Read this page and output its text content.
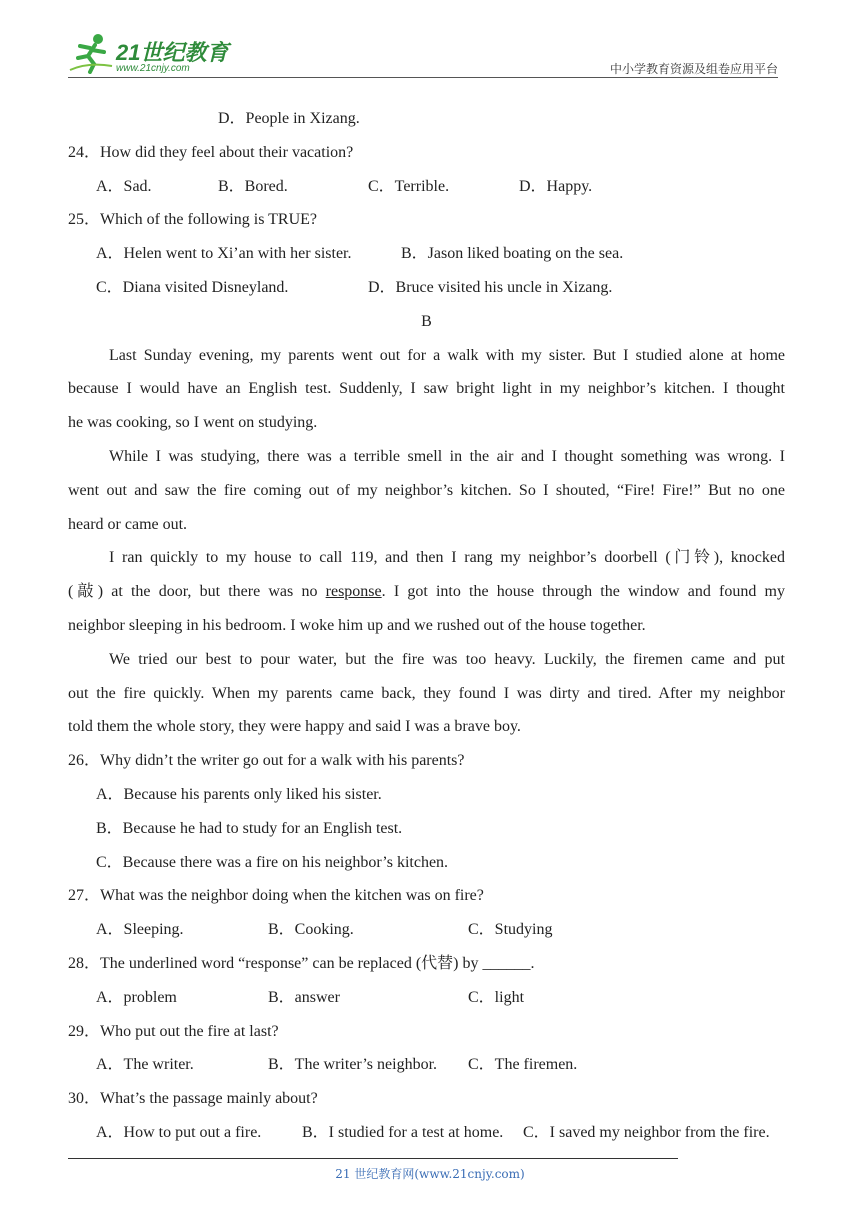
21世纪教育
www.21cnjy.com	中小学教育资源及组卷应用平台
D．People in Xizang.
24．How did they feel about their vacation?
A．Sad.	B．Bored.	C．Terrible.	D．Happy.
25．Which of the following is TRUE?
A．Helen went to Xi’an with her sister.	B．Jason liked boating on the sea.
C．Diana visited Disneyland.	D．Bruce visited his uncle in Xizang.
B
Last Sunday evening, my parents went out for a walk with my sister. But I studied alone at home
because I would have an English test. Suddenly, I saw bright light in my neighbor’s kitchen. I thought
he was cooking, so I went on studying.
While I was studying, there was a terrible smell in the air and I thought something was wrong. I
went out and saw the fire coming out of my neighbor’s kitchen. So I shouted, “Fire! Fire!” But no one
heard or came out.
I ran quickly to my house to call 119, and then I rang my neighbor’s doorbell (门铃), knocked
(敲) at the door, but there was no response. I got into the house through the window and found my
neighbor sleeping in his bedroom. I woke him up and we rushed out of the house together.
We tried our best to pour water, but the fire was too heavy. Luckily, the firemen came and put
out the fire quickly. When my parents came back, they found I was dirty and tired. After my neighbor
told them the whole story, they were happy and said I was a brave boy.
26．Why didn’t the writer go out for a walk with his parents?
A．Because his parents only liked his sister.
B．Because he had to study for an English test.
C．Because there was a fire on his neighbor’s kitchen.
27．What was the neighbor doing when the kitchen was on fire?
A．Sleeping.	B．Cooking.	C．Studying
28．The underlined word “response” can be replaced (代替) by ______.
A．problem	B．answer	C．light
29．Who put out the fire at last?
A．The writer.	B．The writer’s neighbor. C．The firemen.
30．What’s the passage mainly about?
A．How to put out a fire.	B．I studied for a test at home. C．I saved my neighbor from the fire.
21 世纪教育网(www.21cnjy.com)
